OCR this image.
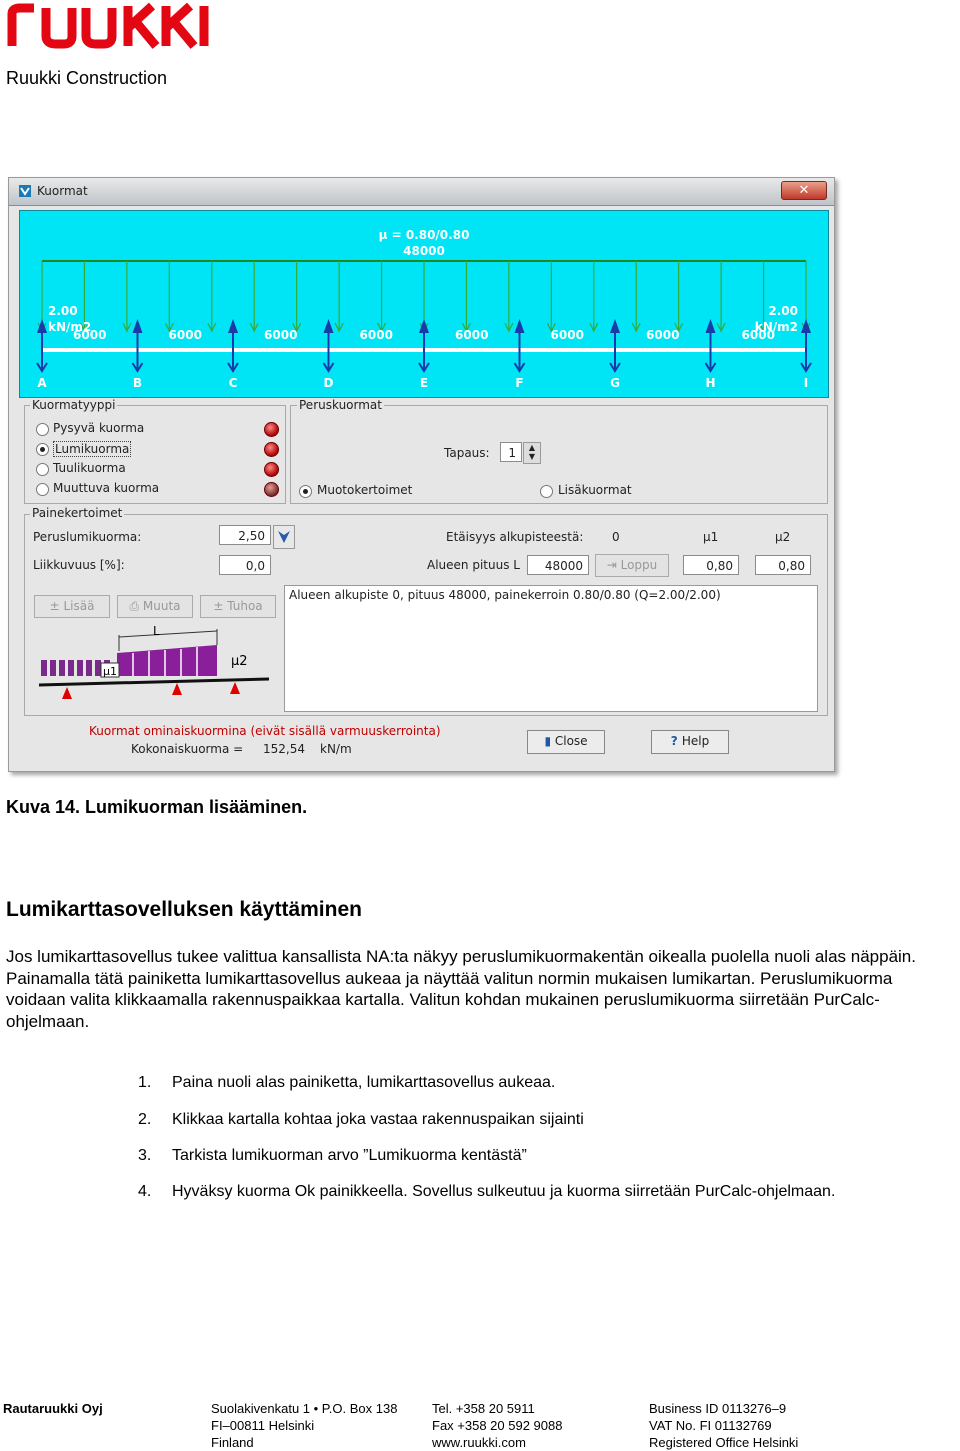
Ruukki Construction
Kuormat	✕
μ = 0.80/0.80
48000
2.00
kN/m2
2.00
kN/m2
6000	6000	6000	6000	6000	6000	6000	6000
A	B	C	D	E	F	G	H	I
Kuormatyyppi	Peruskuormat
Tapaus:	1	▲
▼
Muotokertoimet	Lisäkuormat
Painekertoimet
Peruslumikuorma:	2,50
Liikkuvuus [%]:	0,0
Etäisyys alkupisteestä: 0	μ1	μ2
Alueen pituus L	48000	⇥ Loppu	0,80	0,80
± Lisää	⎙ Muuta	± Tuhoa
L
μ1
μ2
Alueen alkupiste 0, pituus 48000, painekerroin 0.80/0.80 (Q=2.00/2.00)
Kuormat ominaiskuormina (eivät sisällä varmuuskerrointa)
Kokonaiskuorma = 152,54 kN/m
▮ Close	? Help
Pysyvä kuorma
Lumikuorma
Tuulikuorma
Muuttuva kuorma
Kuva 14. Lumikuorman lisääminen.
Lumikarttasovelluksen käyttäminen
Jos lumikarttasovellus tukee valittua kansallista NA:ta näkyy peruslumikuormakentän oikealla puolella nuoli alas näppäin. Painamalla tätä painiketta lumikarttasovellus aukeaa ja näyttää valitun normin mukaisen lumikartan. Peruslumikuorma voidaan valita klikkaamalla rakennuspaikkaa kartalla. Valitun kohdan mukainen peruslumikuorma siirretään PurCalc-ohjelmaan.
1. Paina nuoli alas painiketta, lumikarttasovellus aukeaa.
2. Klikkaa kartalla kohtaa joka vastaa rakennuspaikan sijainti
3. Tarkista lumikuorman arvo ”Lumikuorma kentästä”
4. Hyväksy kuorma Ok painikkeella. Sovellus sulkeutuu ja kuorma siirretään PurCalc-ohjelmaan.
Rautaruukki Oyj	Suolakivenkatu 1 • P.O. Box 138
FI–00811 Helsinki
Finland
Tel. +358 20 5911
Fax +358 20 592 9088
www.ruukki.com
Business ID 0113276–9
VAT No. FI 01132769
Registered Office Helsinki
